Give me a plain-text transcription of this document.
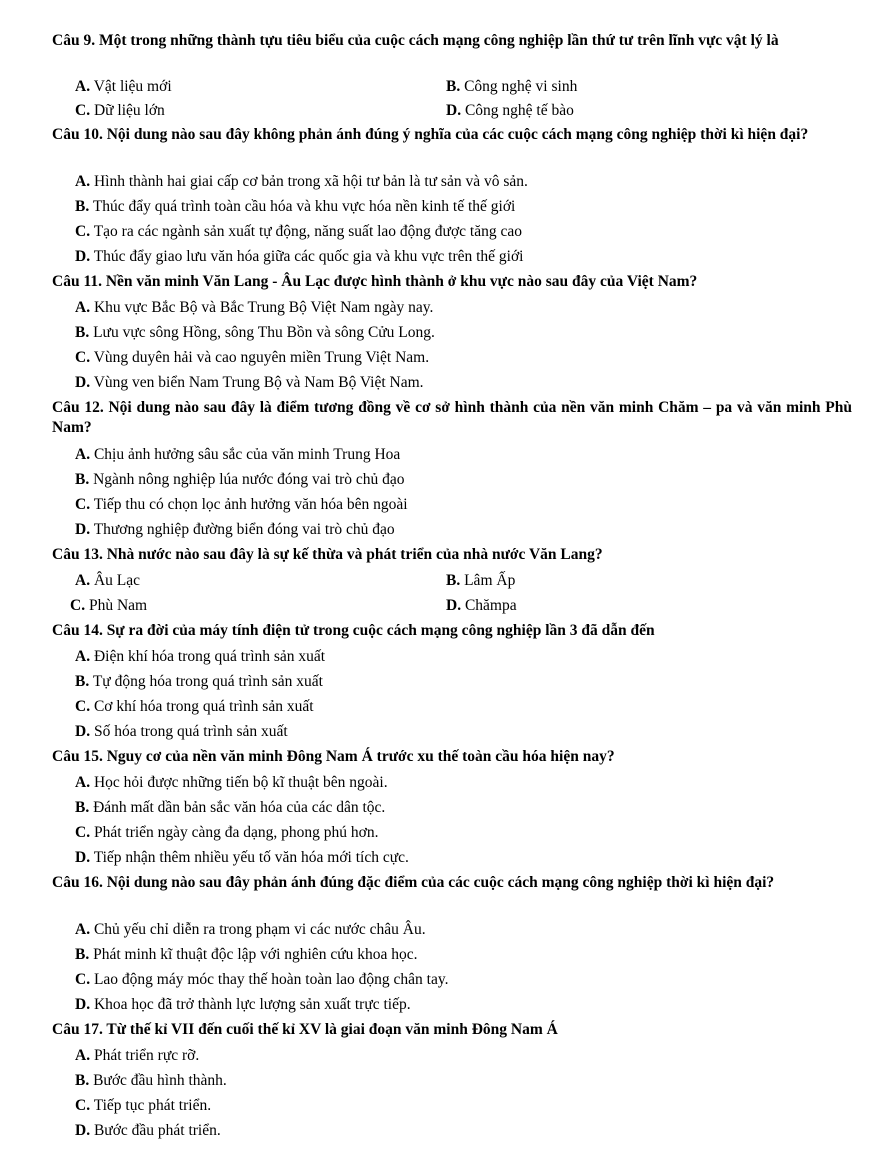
Câu 9. Một trong những thành tựu tiêu biểu của cuộc cách mạng công nghiệp lần thứ tư trên lĩnh vực vật lý là
A. Vật liệu mới	B. Công nghệ vi sinh
C. Dữ liệu lớn	D. Công nghệ tế bào
Câu 10. Nội dung nào sau đây không phản ánh đúng ý nghĩa của các cuộc cách mạng công nghiệp thời kì hiện đại?
A. Hình thành hai giai cấp cơ bản trong xã hội tư bản là tư sản và vô sản.
B. Thúc đẩy quá trình toàn cầu hóa và khu vực hóa nền kinh tế thế giới
C. Tạo ra các ngành sản xuất tự động, năng suất lao động được tăng cao
D. Thúc đẩy giao lưu văn hóa giữa các quốc gia và khu vực trên thế giới
Câu 11. Nền văn minh Văn Lang - Âu Lạc được hình thành ở khu vực nào sau đây của Việt Nam?
A. Khu vực Bắc Bộ và Bắc Trung Bộ Việt Nam ngày nay.
B. Lưu vực sông Hồng, sông Thu Bồn và sông Cửu Long.
C. Vùng duyên hải và cao nguyên miền Trung Việt Nam.
D. Vùng ven biển Nam Trung Bộ và Nam Bộ Việt Nam.
Câu 12. Nội dung nào sau đây là điểm tương đồng về cơ sở hình thành của nền văn minh Chăm – pa và văn minh Phù Nam?
A. Chịu ảnh hưởng sâu sắc của văn minh Trung Hoa
B. Ngành nông nghiệp lúa nước đóng vai trò chủ đạo
C. Tiếp thu có chọn lọc ảnh hưởng văn hóa bên ngoài
D. Thương nghiệp đường biển đóng vai trò chủ đạo
Câu 13. Nhà nước nào sau đây là sự kế thừa và phát triển của nhà nước Văn Lang?
A. Âu Lạc	B. Lâm Ấp
C. Phù Nam	D. Chămpa
Câu 14. Sự ra đời của máy tính điện tử trong cuộc cách mạng công nghiệp lần 3 đã dẫn đến
A. Điện khí hóa trong quá trình sản xuất
B. Tự động hóa trong quá trình sản xuất
C. Cơ khí hóa trong quá trình sản xuất
D. Số hóa trong quá trình sản xuất
Câu 15. Nguy cơ của nền văn minh Đông Nam Á trước xu thế toàn cầu hóa hiện nay?
A. Học hỏi được những tiến bộ kĩ thuật bên ngoài.
B. Đánh mất dần bản sắc văn hóa của các dân tộc.
C. Phát triển ngày càng đa dạng, phong phú hơn.
D. Tiếp nhận thêm nhiều yếu tố văn hóa mới tích cực.
Câu 16. Nội dung nào sau đây phản ánh đúng đặc điểm của các cuộc cách mạng công nghiệp thời kì hiện đại?
A. Chủ yếu chỉ diễn ra trong phạm vi các nước châu Âu.
B. Phát minh kĩ thuật độc lập với nghiên cứu khoa học.
C. Lao động máy móc thay thế hoàn toàn lao động chân tay.
D. Khoa học đã trở thành lực lượng sản xuất trực tiếp.
Câu 17. Từ thế kỉ VII đến cuối thế kỉ XV là giai đoạn văn minh Đông Nam Á
A. Phát triển rực rỡ.
B. Bước đầu hình thành.
C. Tiếp tục phát triển.
D. Bước đầu phát triển.
